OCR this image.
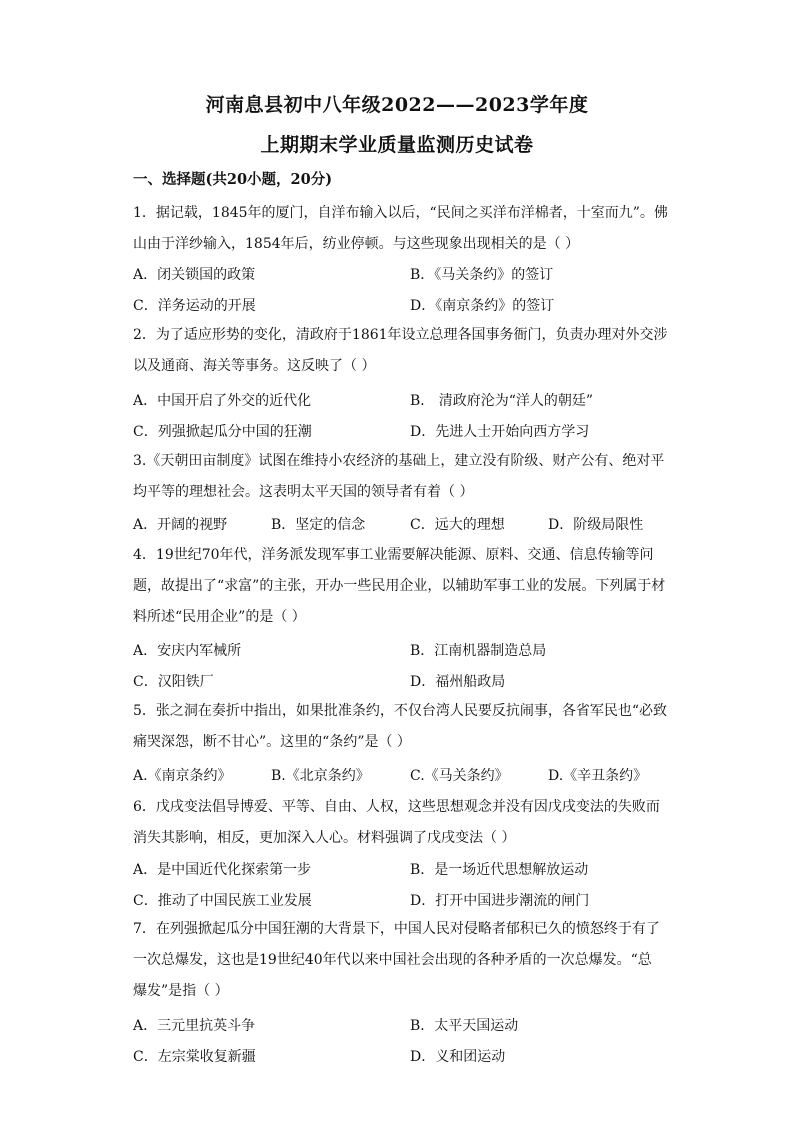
河南息县初中八年级2022——2023学年度
上期期末学业质量监测历史试卷
一、选择题(共20小题，20分)
1．据记载，1845年的厦门，自洋布输入以后，“民间之买洋布洋棉者，十室而九”。佛
山由于洋纱输入，1854年后，纺业停顿。与这些现象出现相关的是（ ）
A．闭关锁国的政策	B．《马关条约》的签订
C．洋务运动的开展	D．《南京条约》的签订
2．为了适应形势的变化，清政府于1861年设立总理各国事务衙门，负责办理对外交涉
以及通商、海关等事务。这反映了（ ）
A．中国开启了外交的近代化	B． 清政府沦为“洋人的朝廷”
C．列强掀起瓜分中国的狂潮	D．先进人士开始向西方学习
3.《天朝田亩制度》试图在维持小农经济的基础上，建立没有阶级、财产公有、绝对平
均平等的理想社会。这表明太平天国的领导者有着（ ）
A．开阔的视野	B．坚定的信念	C．远大的理想	D．阶级局限性
4．19世纪70年代，洋务派发现军事工业需要解决能源、原料、交通、信息传输等问
题，故提出了“求富”的主张，开办一些民用企业，以辅助军事工业的发展。下列属于材
料所述“民用企业”的是（ ）
A．安庆内军械所	B．江南机器制造总局
C．汉阳铁厂	D．福州船政局
5．张之洞在奏折中指出，如果批准条约，不仅台湾人民要反抗闹事，各省军民也“必致
痛哭深怨，断不甘心”。这里的“条约”是（ ）
A.《南京条约》	B.《北京条约》	C.《马关条约》	D.《辛丑条约》
6．戊戌变法倡导博爱、平等、自由、人权，这些思想观念并没有因戊戌变法的失败而
消失其影响，相反，更加深入人心。材料强调了戊戌变法（ ）
A．是中国近代化探索第一步	B．是一场近代思想解放运动
C．推动了中国民族工业发展	D．打开中国进步潮流的闸门
7．在列强掀起瓜分中国狂潮的大背景下，中国人民对侵略者郁积已久的愤怒终于有了
一次总爆发，这也是19世纪40年代以来中国社会出现的各种矛盾的一次总爆发。“总
爆发”是指（ ）
A．三元里抗英斗争	B．太平天国运动
C．左宗棠收复新疆	D．义和团运动
